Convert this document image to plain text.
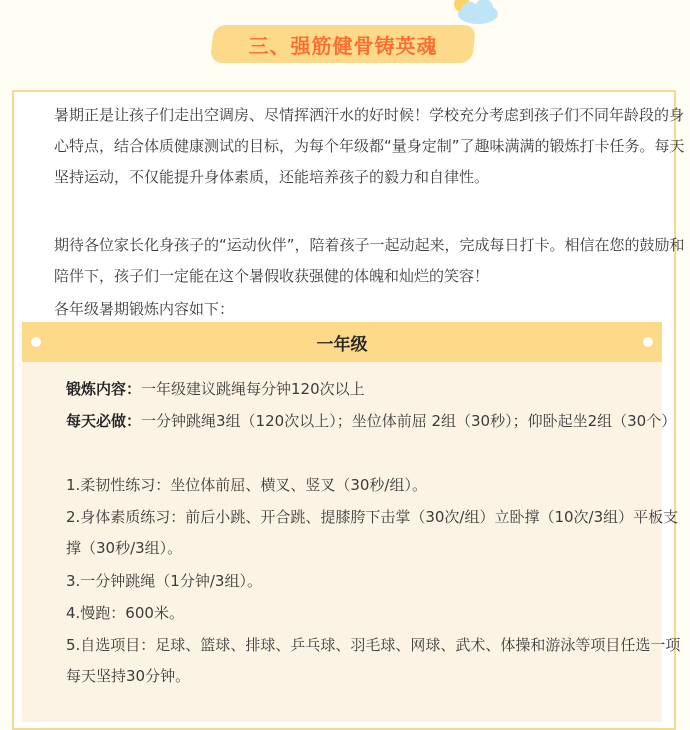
三、强筋健骨铸英魂

暑期正是让孩子们走出空调房、尽情挥洒汗水的好时候！学校充分考虑到孩子们不同年龄段的身心特点，结合体质健康测试的目标，为每个年级都“量身定制”了趣味满满的锻炼打卡任务。每天坚持运动，不仅能提升身体素质，还能培养孩子的毅力和自律性。

期待各位家长化身孩子的“运动伙伴”，陪着孩子一起动起来，完成每日打卡。相信在您的鼓励和陪伴下，孩子们一定能在这个暑假收获强健的体魄和灿烂的笑容！

各年级暑期锻炼内容如下：

一年级

锻炼内容：一年级建议跳绳每分钟120次以上

每天必做：一分钟跳绳3组（120次以上）；坐位体前屈 2组（30秒）；仰卧起坐2组（30个）

1.柔韧性练习：坐位体前屈、横叉、竖叉（30秒/组）。

2.身体素质练习：前后小跳、开合跳、提膝胯下击掌（30次/组）立卧撑（10次/3组）平板支撑（30秒/3组）。

3.一分钟跳绳（1分钟/3组）。

4.慢跑：600米。

5.自选项目：足球、篮球、排球、乒乓球、羽毛球、网球、武术、体操和游泳等项目任选一项每天坚持30分钟。
